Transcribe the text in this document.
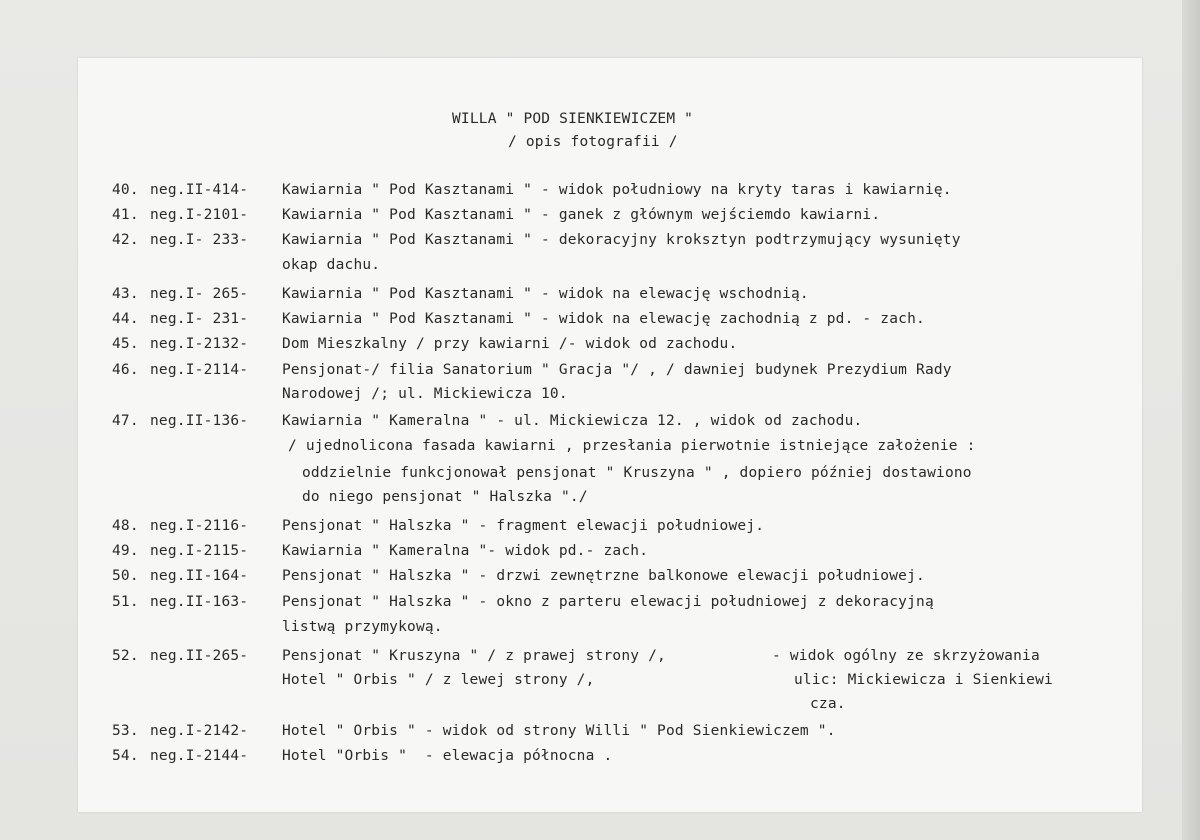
WILLA " POD SIENKIEWICZEM "
/ opis fotografii /
40. neg.II-414- Kawiarnia " Pod Kasztanami " - widok południowy na kryty taras i kawiarnię.
41. neg.I-2101- Kawiarnia " Pod Kasztanami " - ganek z głównym wejściemdo kawiarni.
42. neg.I- 233- Kawiarnia " Pod Kasztanami " - dekoracyjny kroksztyn podtrzymujący wysunięty
okap dachu.
43. neg.I- 265- Kawiarnia " Pod Kasztanami " - widok na elewację wschodnią.
44. neg.I- 231- Kawiarnia " Pod Kasztanami " - widok na elewację zachodnią z pd. - zach.
45. neg.I-2132- Dom Mieszkalny / przy kawiarni /- widok od zachodu.
46. neg.I-2114- Pensjonat-/ filia Sanatorium " Gracja "/ , / dawniej budynek Prezydium Rady
Narodowej /; ul. Mickiewicza 10.
47. neg.II-136- Kawiarnia " Kameralna " - ul. Mickiewicza 12. , widok od zachodu.
/ ujednolicona fasada kawiarni , przesłania pierwotnie istniejące założenie :
oddzielnie funkcjonował pensjonat " Kruszyna " , dopiero później dostawiono
do niego pensjonat " Halszka "./
48. neg.I-2116- Pensjonat " Halszka " - fragment elewacji południowej.
49. neg.I-2115- Kawiarnia " Kameralna "- widok pd.- zach.
50. neg.II-164- Pensjonat " Halszka " - drzwi zewnętrzne balkonowe elewacji południowej.
51. neg.II-163- Pensjonat " Halszka " - okno z parteru elewacji południowej z dekoracyjną
listwą przymykową.
52. neg.II-265- Pensjonat " Kruszyna " / z prawej strony /,
Hotel " Orbis " / z lewej strony /,
- widok ogólny ze skrzyżowania
ulic: Mickiewicza i Sienkiewi
cza.
53. neg.I-2142- Hotel " Orbis " - widok od strony Willi " Pod Sienkiewiczem ".
54. neg.I-2144- Hotel "Orbis "  - elewacja północna .
